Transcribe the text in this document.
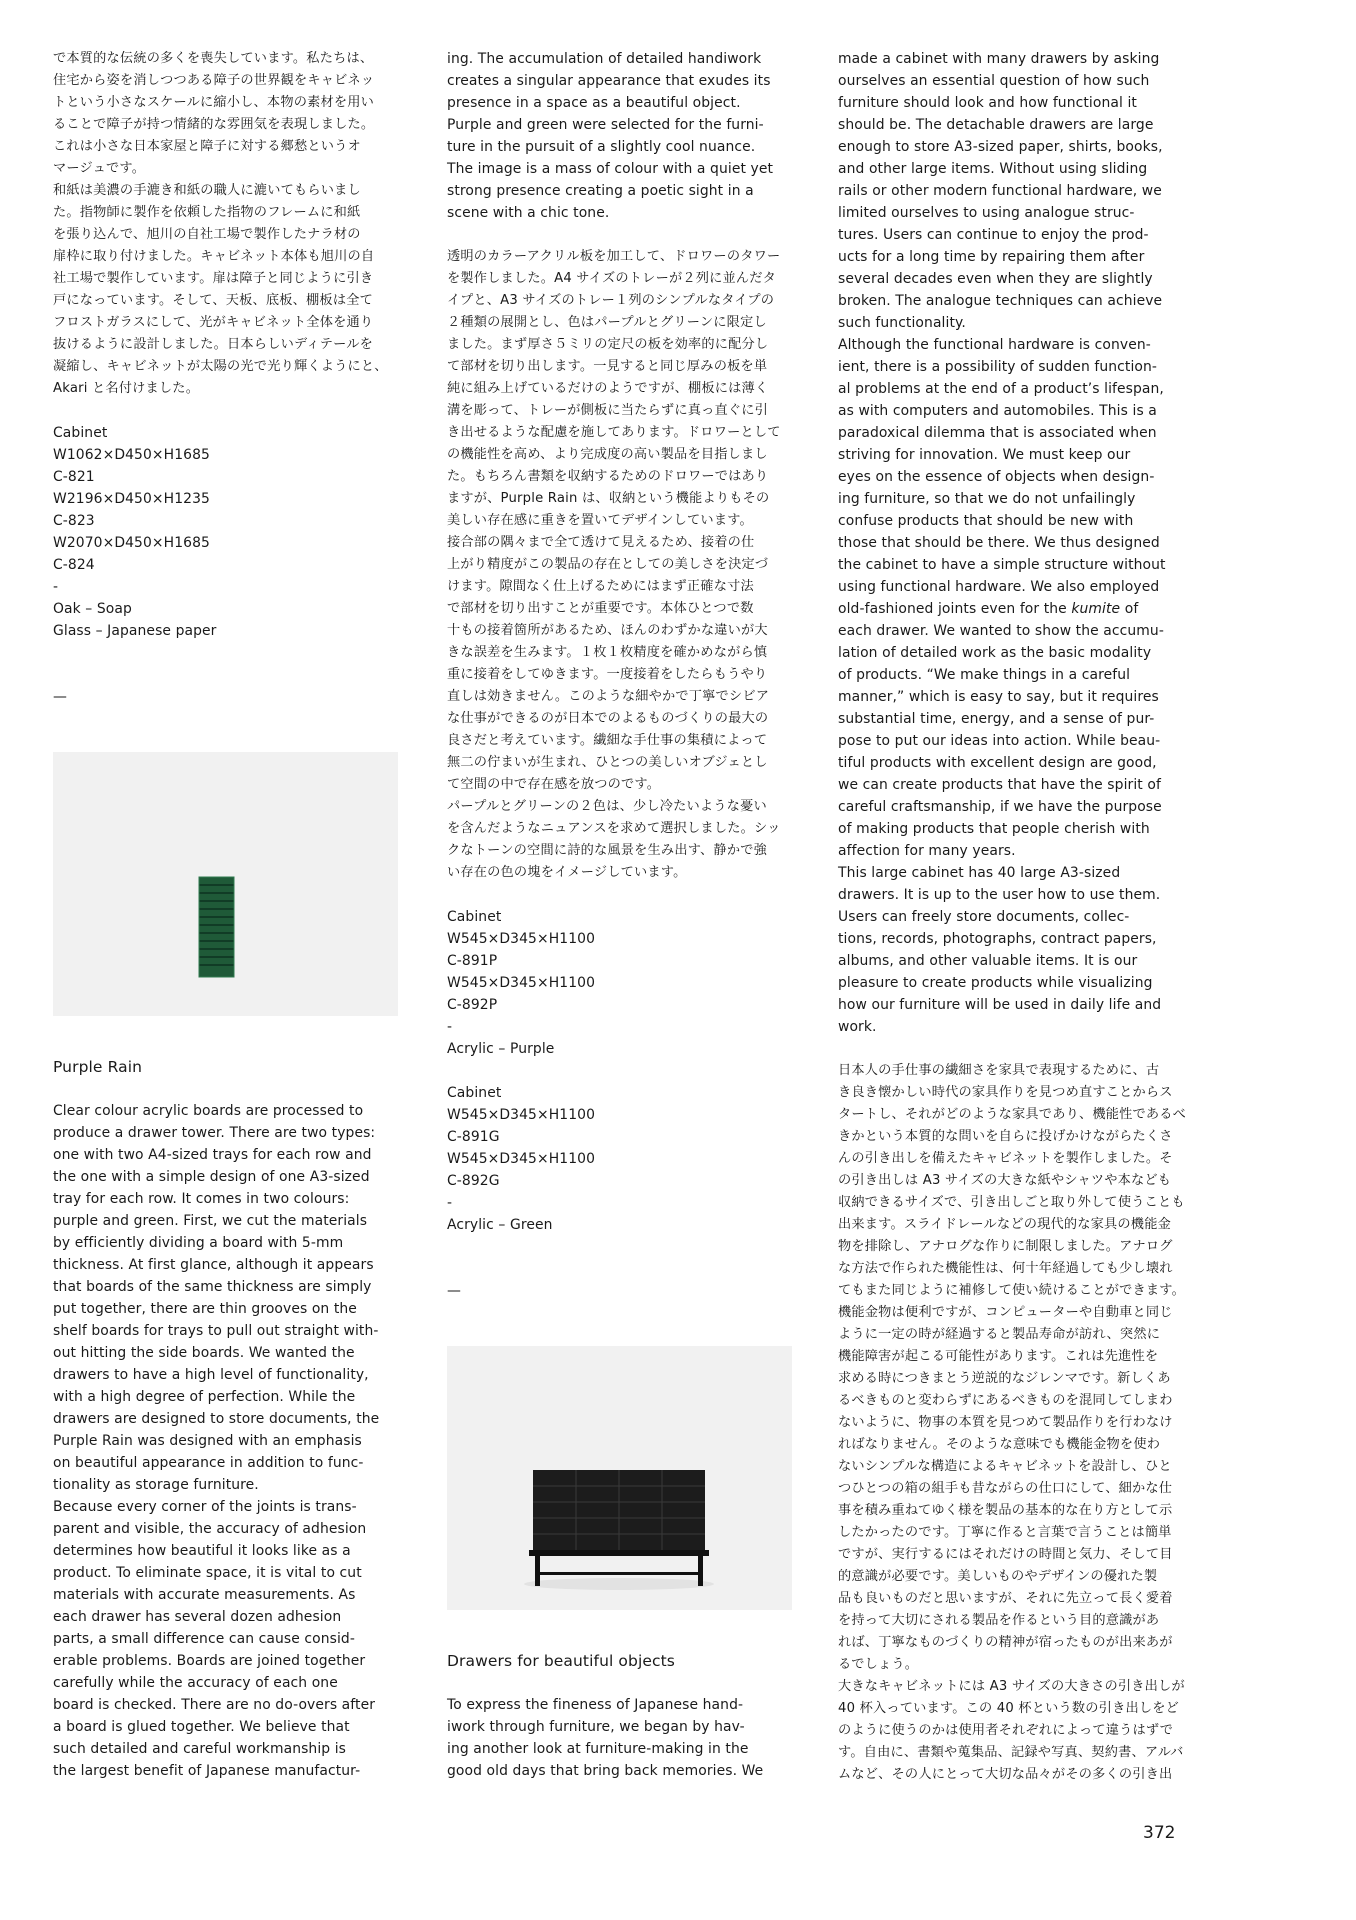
で本質的な伝統の多くを喪失しています。私たちは、
住宅から姿を消しつつある障子の世界観をキャビネッ
トという小さなスケールに縮小し、本物の素材を用い
ることで障子が持つ情緒的な雰囲気を表現しました。
これは小さな日本家屋と障子に対する郷愁というオ
マージュです。
和紙は美濃の手漉き和紙の職人に漉いてもらいまし
た。指物師に製作を依頼した指物のフレームに和紙
を張り込んで、旭川の自社工場で製作したナラ材の
扉枠に取り付けました。キャビネット本体も旭川の自
社工場で製作しています。扉は障子と同じように引き
戸になっています。そして、天板、底板、棚板は全て
フロストガラスにして、光がキャビネット全体を通り
抜けるように設計しました。日本らしいディテールを
凝縮し、キャビネットが太陽の光で光り輝くようにと、
Akari と名付けました。
Cabinet
W1062×D450×H1685
C-821
W2196×D450×H1235
C-823
W2070×D450×H1685
C-824
-
Oak – Soap
Glass – Japanese paper
—
Purple Rain
Clear colour acrylic boards are processed to
produce a drawer tower. There are two types:
one with two A4-sized trays for each row and
the one with a simple design of one A3-sized
tray for each row. It comes in two colours:
purple and green. First, we cut the materials
by efficiently dividing a board with 5-mm
thickness. At first glance, although it appears
that boards of the same thickness are simply
put together, there are thin grooves on the
shelf boards for trays to pull out straight with-
out hitting the side boards. We wanted the
drawers to have a high level of functionality,
with a high degree of perfection. While the
drawers are designed to store documents, the
Purple Rain was designed with an emphasis
on beautiful appearance in addition to func-
tionality as storage furniture.
Because every corner of the joints is trans-
parent and visible, the accuracy of adhesion
determines how beautiful it looks like as a
product. To eliminate space, it is vital to cut
materials with accurate measurements. As
each drawer has several dozen adhesion
parts, a small difference can cause consid-
erable problems. Boards are joined together
carefully while the accuracy of each one
board is checked. There are no do-overs after
a board is glued together. We believe that
such detailed and careful workmanship is
the largest benefit of Japanese manufactur-
ing. The accumulation of detailed handiwork
creates a singular appearance that exudes its
presence in a space as a beautiful object.
Purple and green were selected for the furni-
ture in the pursuit of a slightly cool nuance.
The image is a mass of colour with a quiet yet
strong presence creating a poetic sight in a
scene with a chic tone.
透明のカラーアクリル板を加工して、ドロワーのタワー
を製作しました。A4 サイズのトレーが２列に並んだタ
イプと、A3 サイズのトレー１列のシンプルなタイプの
２種類の展開とし、色はパープルとグリーンに限定し
ました。まず厚さ５ミリの定尺の板を効率的に配分し
て部材を切り出します。一見すると同じ厚みの板を単
純に組み上げているだけのようですが、棚板には薄く
溝を彫って、トレーが側板に当たらずに真っ直ぐに引
き出せるような配慮を施してあります。ドロワーとして
の機能性を高め、より完成度の高い製品を目指しまし
た。もちろん書類を収納するためのドロワーではあり
ますが、Purple Rain は、収納という機能よりもその
美しい存在感に重きを置いてデザインしています。
接合部の隅々まで全て透けて見えるため、接着の仕
上がり精度がこの製品の存在としての美しさを決定づ
けます。隙間なく仕上げるためにはまず正確な寸法
で部材を切り出すことが重要です。本体ひとつで数
十もの接着箇所があるため、ほんのわずかな違いが大
きな誤差を生みます。１枚１枚精度を確かめながら慎
重に接着をしてゆきます。一度接着をしたらもうやり
直しは効きません。このような細やかで丁寧でシビア
な仕事ができるのが日本でのよるものづくりの最大の
良さだと考えています。繊細な手仕事の集積によって
無二の佇まいが生まれ、ひとつの美しいオブジェとし
て空間の中で存在感を放つのです。
パープルとグリーンの２色は、少し冷たいような憂い
を含んだようなニュアンスを求めて選択しました。シッ
クなトーンの空間に詩的な風景を生み出す、静かで強
い存在の色の塊をイメージしています。
Cabinet
W545×D345×H1100
C-891P
W545×D345×H1100
C-892P
-
Acrylic – Purple
Cabinet
W545×D345×H1100
C-891G
W545×D345×H1100
C-892G
-
Acrylic – Green
—
Drawers for beautiful objects
To express the fineness of Japanese hand-
iwork through furniture, we began by hav-
ing another look at furniture-making in the
good old days that bring back memories. We
made a cabinet with many drawers by asking
ourselves an essential question of how such
furniture should look and how functional it
should be. The detachable drawers are large
enough to store A3-sized paper, shirts, books,
and other large items. Without using sliding
rails or other modern functional hardware, we
limited ourselves to using analogue struc-
tures. Users can continue to enjoy the prod-
ucts for a long time by repairing them after
several decades even when they are slightly
broken. The analogue techniques can achieve
such functionality.
Although the functional hardware is conven-
ient, there is a possibility of sudden function-
al problems at the end of a product’s lifespan,
as with computers and automobiles. This is a
paradoxical dilemma that is associated when
striving for innovation. We must keep our
eyes on the essence of objects when design-
ing furniture, so that we do not unfailingly
confuse products that should be new with
those that should be there. We thus designed
the cabinet to have a simple structure without
using functional hardware. We also employed
old-fashioned joints even for the kumite of
each drawer. We wanted to show the accumu-
lation of detailed work as the basic modality
of products. “We make things in a careful
manner,” which is easy to say, but it requires
substantial time, energy, and a sense of pur-
pose to put our ideas into action. While beau-
tiful products with excellent design are good,
we can create products that have the spirit of
careful craftsmanship, if we have the purpose
of making products that people cherish with
affection for many years.
This large cabinet has 40 large A3-sized
drawers. It is up to the user how to use them.
Users can freely store documents, collec-
tions, records, photographs, contract papers,
albums, and other valuable items. It is our
pleasure to create products while visualizing
how our furniture will be used in daily life and
work.
日本人の手仕事の繊細さを家具で表現するために、古
き良き懐かしい時代の家具作りを見つめ直すことからス
タートし、それがどのような家具であり、機能性であるべ
きかという本質的な問いを自らに投げかけながらたくさ
んの引き出しを備えたキャビネットを製作しました。そ
の引き出しは A3 サイズの大きな紙やシャツや本なども
収納できるサイズで、引き出しごと取り外して使うことも
出来ます。スライドレールなどの現代的な家具の機能金
物を排除し、アナログな作りに制限しました。アナログ
な方法で作られた機能性は、何十年経過しても少し壊れ
てもまた同じように補修して使い続けることができます。
機能金物は便利ですが、コンピューターや自動車と同じ
ように一定の時が経過すると製品寿命が訪れ、突然に
機能障害が起こる可能性があります。これは先進性を
求める時につきまとう逆説的なジレンマです。新しくあ
るべきものと変わらずにあるべきものを混同してしまわ
ないように、物事の本質を見つめて製品作りを行わなけ
ればなりません。そのような意味でも機能金物を使わ
ないシンプルな構造によるキャビネットを設計し、ひと
つひとつの箱の組手も昔ながらの仕口にして、細かな仕
事を積み重ねてゆく様を製品の基本的な在り方として示
したかったのです。丁寧に作ると言葉で言うことは簡単
ですが、実行するにはそれだけの時間と気力、そして目
的意識が必要です。美しいものやデザインの優れた製
品も良いものだと思いますが、それに先立って長く愛着
を持って大切にされる製品を作るという目的意識があ
れば、丁寧なものづくりの精神が宿ったものが出来あが
るでしょう。
大きなキャビネットには A3 サイズの大きさの引き出しが
40 杯入っています。この 40 杯という数の引き出しをど
のように使うのかは使用者それぞれによって違うはずで
す。自由に、書類や蒐集品、記録や写真、契約書、アルバ
ムなど、その人にとって大切な品々がその多くの引き出
372
